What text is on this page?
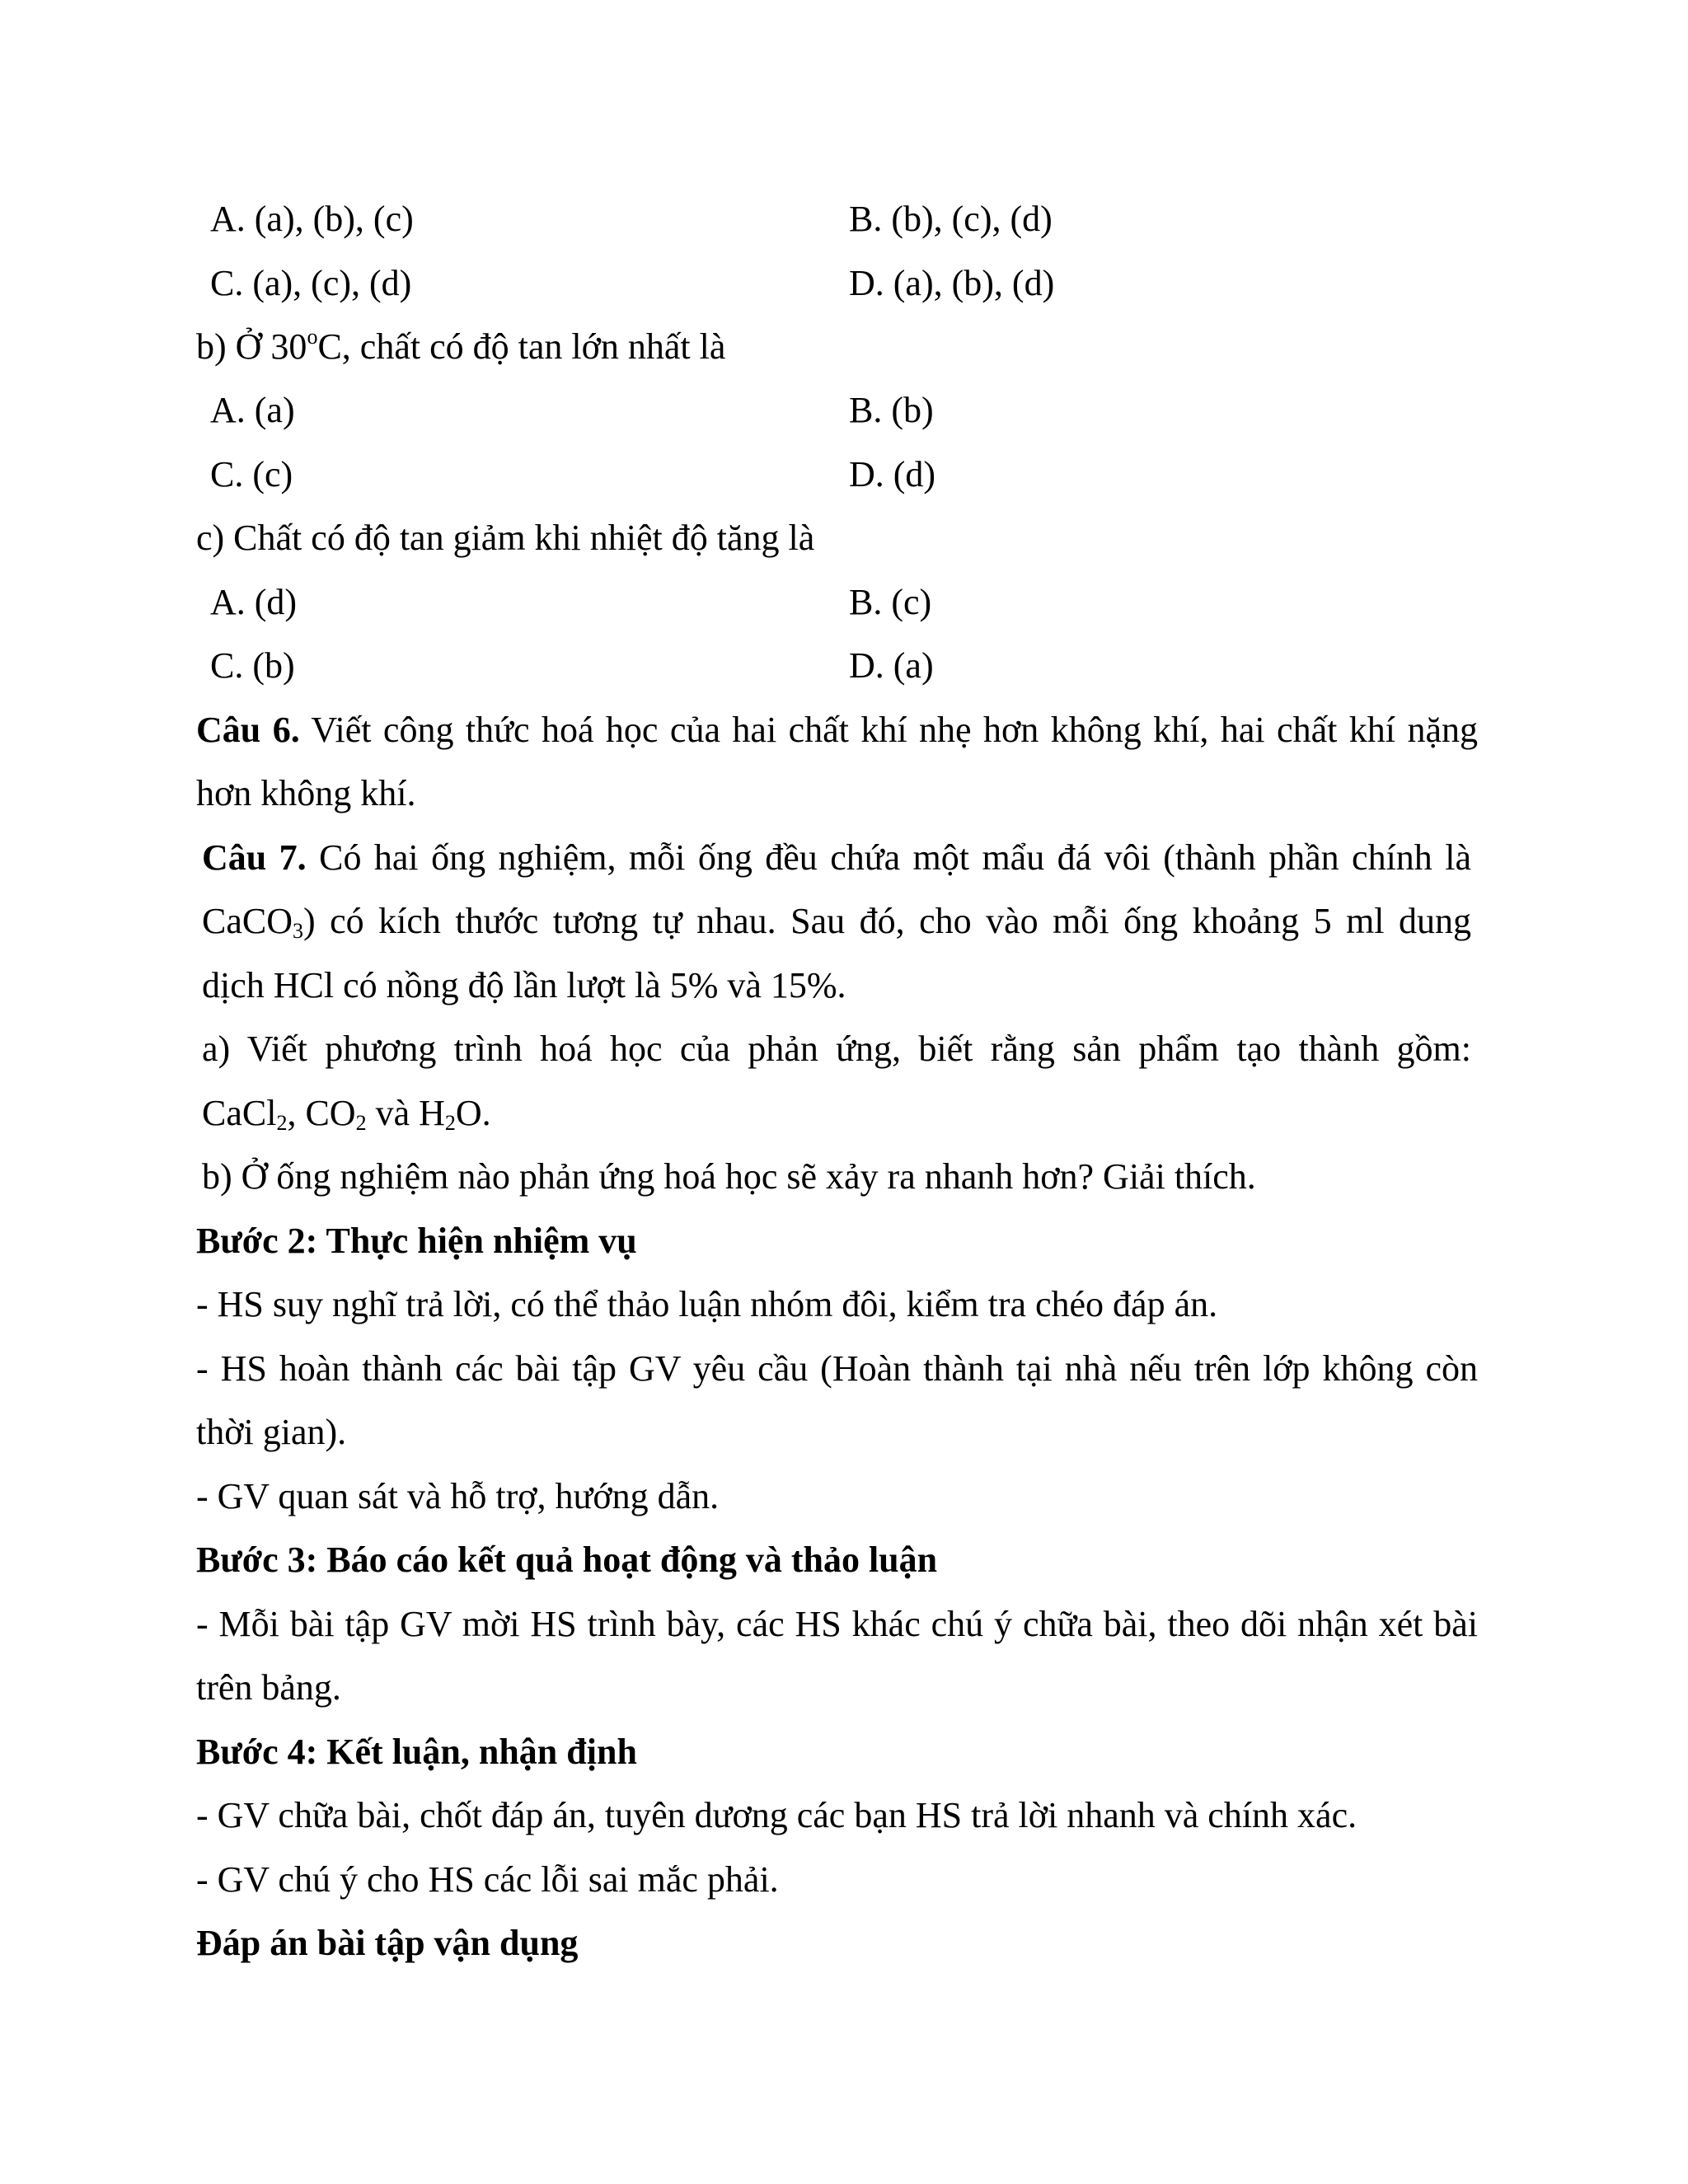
A. (a), (b), (c)	B. (b), (c), (d)
C. (a), (c), (d)	D. (a), (b), (d)
b) Ở 30$^o$C, chất có độ tan lớn nhất là
A. (a)	B. (b)
C. (c)	D. (d)
c) Chất có độ tan giảm khi nhiệt độ tăng là
A. (d)	B. (c)
C. (b)	D. (a)
Câu 6. Viết công thức hoá học của hai chất khí nhẹ hơn không khí, hai chất khí nặng
hơn không khí.
Câu 7. Có hai ống nghiệm, mỗi ống đều chứa một mẩu đá vôi (thành phần chính là
CaCO$_3$) có kích thước tương tự nhau. Sau đó, cho vào mỗi ống khoảng 5 ml dung
dịch HCl có nồng độ lần lượt là 5% và 15%.
a) Viết phương trình hoá học của phản ứng, biết rằng sản phẩm tạo thành gồm:
CaCl$_2$, $CO_2$ và $H_2O$.
b) Ở ống nghiệm nào phản ứng hoá học sẽ xảy ra nhanh hơn? Giải thích.
Bước 2: Thực hiện nhiệm vụ
- HS suy nghĩ trả lời, có thể thảo luận nhóm đôi, kiểm tra chéo đáp án.
- HS hoàn thành các bài tập GV yêu cầu (Hoàn thành tại nhà nếu trên lớp không còn
thời gian).
- GV quan sát và hỗ trợ, hướng dẫn.
Bước 3: Báo cáo kết quả hoạt động và thảo luận
- Mỗi bài tập GV mời HS trình bày, các HS khác chú ý chữa bài, theo dõi nhận xét bài
trên bảng.
Bước 4: Kết luận, nhận định
- GV chữa bài, chốt đáp án, tuyên dương các bạn HS trả lời nhanh và chính xác.
- GV chú ý cho HS các lỗi sai mắc phải.
Đáp án bài tập vận dụng
